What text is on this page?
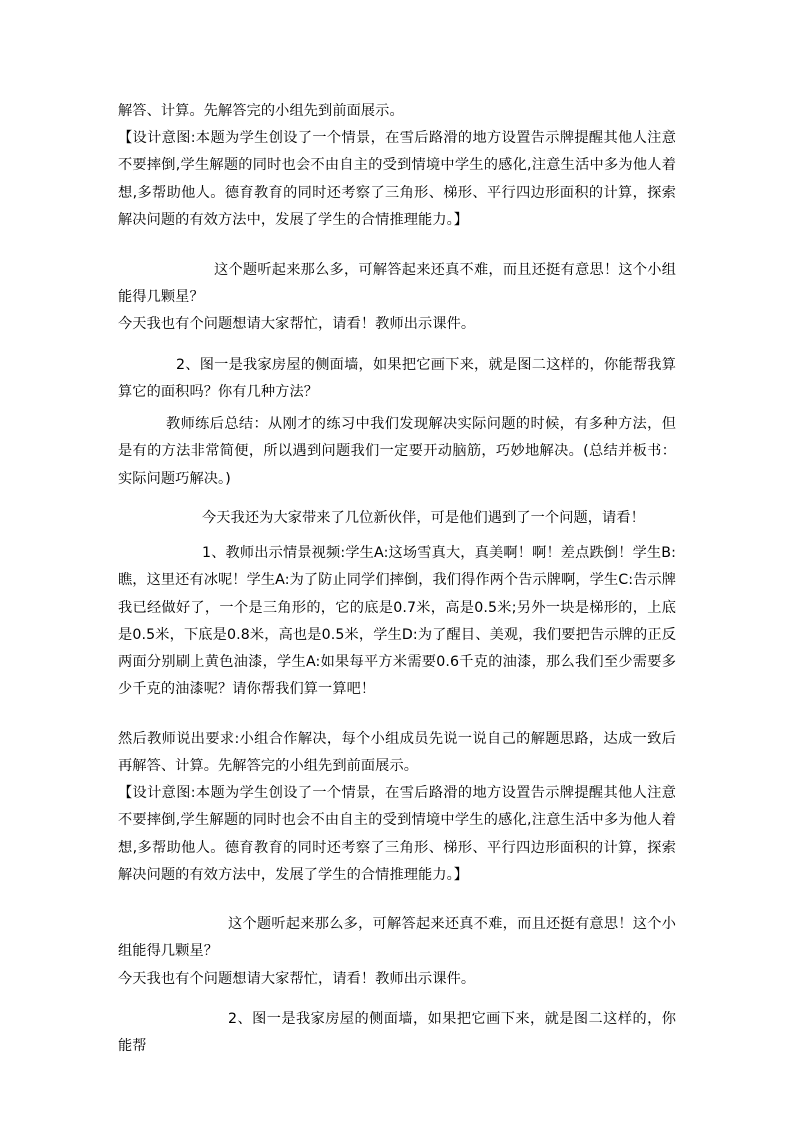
解答、计算。先解答完的小组先到前面展示。
【设计意图:本题为学生创设了一个情景，在雪后路滑的地方设置告示牌提醒其他人注意不要摔倒,学生解题的同时也会不由自主的受到情境中学生的感化,注意生活中多为他人着想,多帮助他人。德育教育的同时还考察了三角形、梯形、平行四边形面积的计算，探索解决问题的有效方法中，发展了学生的合情推理能力。】
这个题听起来那么多，可解答起来还真不难，而且还挺有意思！这个小组能得几颗星？
今天我也有个问题想请大家帮忙，请看！教师出示课件。
2、图一是我家房屋的侧面墙，如果把它画下来，就是图二这样的，你能帮我算算它的面积吗？你有几种方法？
教师练后总结：从刚才的练习中我们发现解决实际问题的时候，有多种方法，但是有的方法非常简便，所以遇到问题我们一定要开动脑筋，巧妙地解决。(总结并板书：实际问题巧解决。)
今天我还为大家带来了几位新伙伴，可是他们遇到了一个问题，请看！
1、教师出示情景视频:学生A:这场雪真大，真美啊！啊！差点跌倒！学生B:瞧，这里还有冰呢！学生A:为了防止同学们摔倒，我们得作两个告示牌啊，学生C:告示牌我已经做好了，一个是三角形的，它的底是0.7米，高是0.5米;另外一块是梯形的，上底是0.5米，下底是0.8米，高也是0.5米，学生D:为了醒目、美观，我们要把告示牌的正反两面分别刷上黄色油漆，学生A:如果每平方米需要0.6千克的油漆，那么我们至少需要多少千克的油漆呢？请你帮我们算一算吧！
然后教师说出要求:小组合作解决，每个小组成员先说一说自己的解题思路，达成一致后再解答、计算。先解答完的小组先到前面展示。
【设计意图:本题为学生创设了一个情景，在雪后路滑的地方设置告示牌提醒其他人注意不要摔倒,学生解题的同时也会不由自主的受到情境中学生的感化,注意生活中多为他人着想,多帮助他人。德育教育的同时还考察了三角形、梯形、平行四边形面积的计算，探索解决问题的有效方法中，发展了学生的合情推理能力。】
这个题听起来那么多，可解答起来还真不难，而且还挺有意思！这个小组能得几颗星？
今天我也有个问题想请大家帮忙，请看！教师出示课件。
2、图一是我家房屋的侧面墙，如果把它画下来，就是图二这样的，你能帮
